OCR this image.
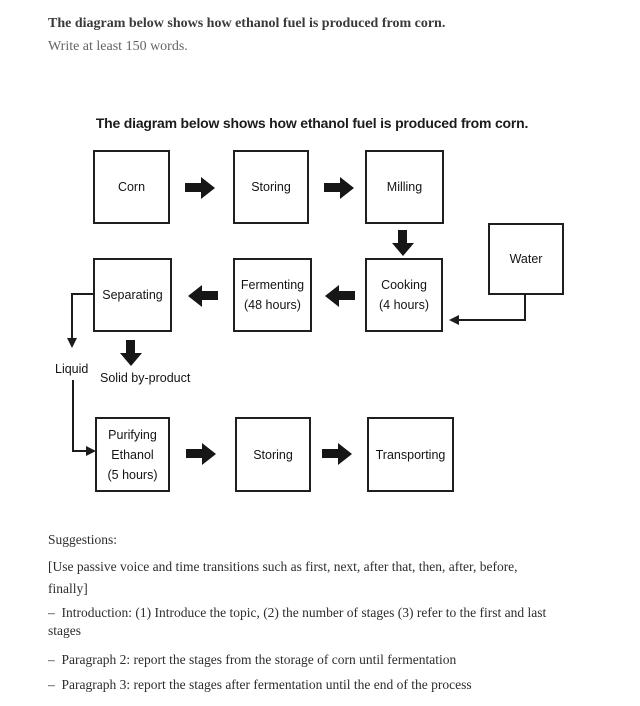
The diagram below shows how ethanol fuel is produced from corn.
Write at least 150 words.
The diagram below shows how ethanol fuel is produced from corn.
Corn	Storing	Milling
Water
Separating
Fermenting
(48 hours)
Cooking
(4 hours)
Purifying
Ethanol
(5 hours)
Storing	Transporting
Liquid
Solid by-product
Suggestions:
[Use passive voice and time transitions such as first, next, after that, then, after, before,
finally]
–  Introduction: (1) Introduce the topic, (2) the number of stages (3) refer to the first and last
stages
–  Paragraph 2: report the stages from the storage of corn until fermentation
–  Paragraph 3: report the stages after fermentation until the end of the process
